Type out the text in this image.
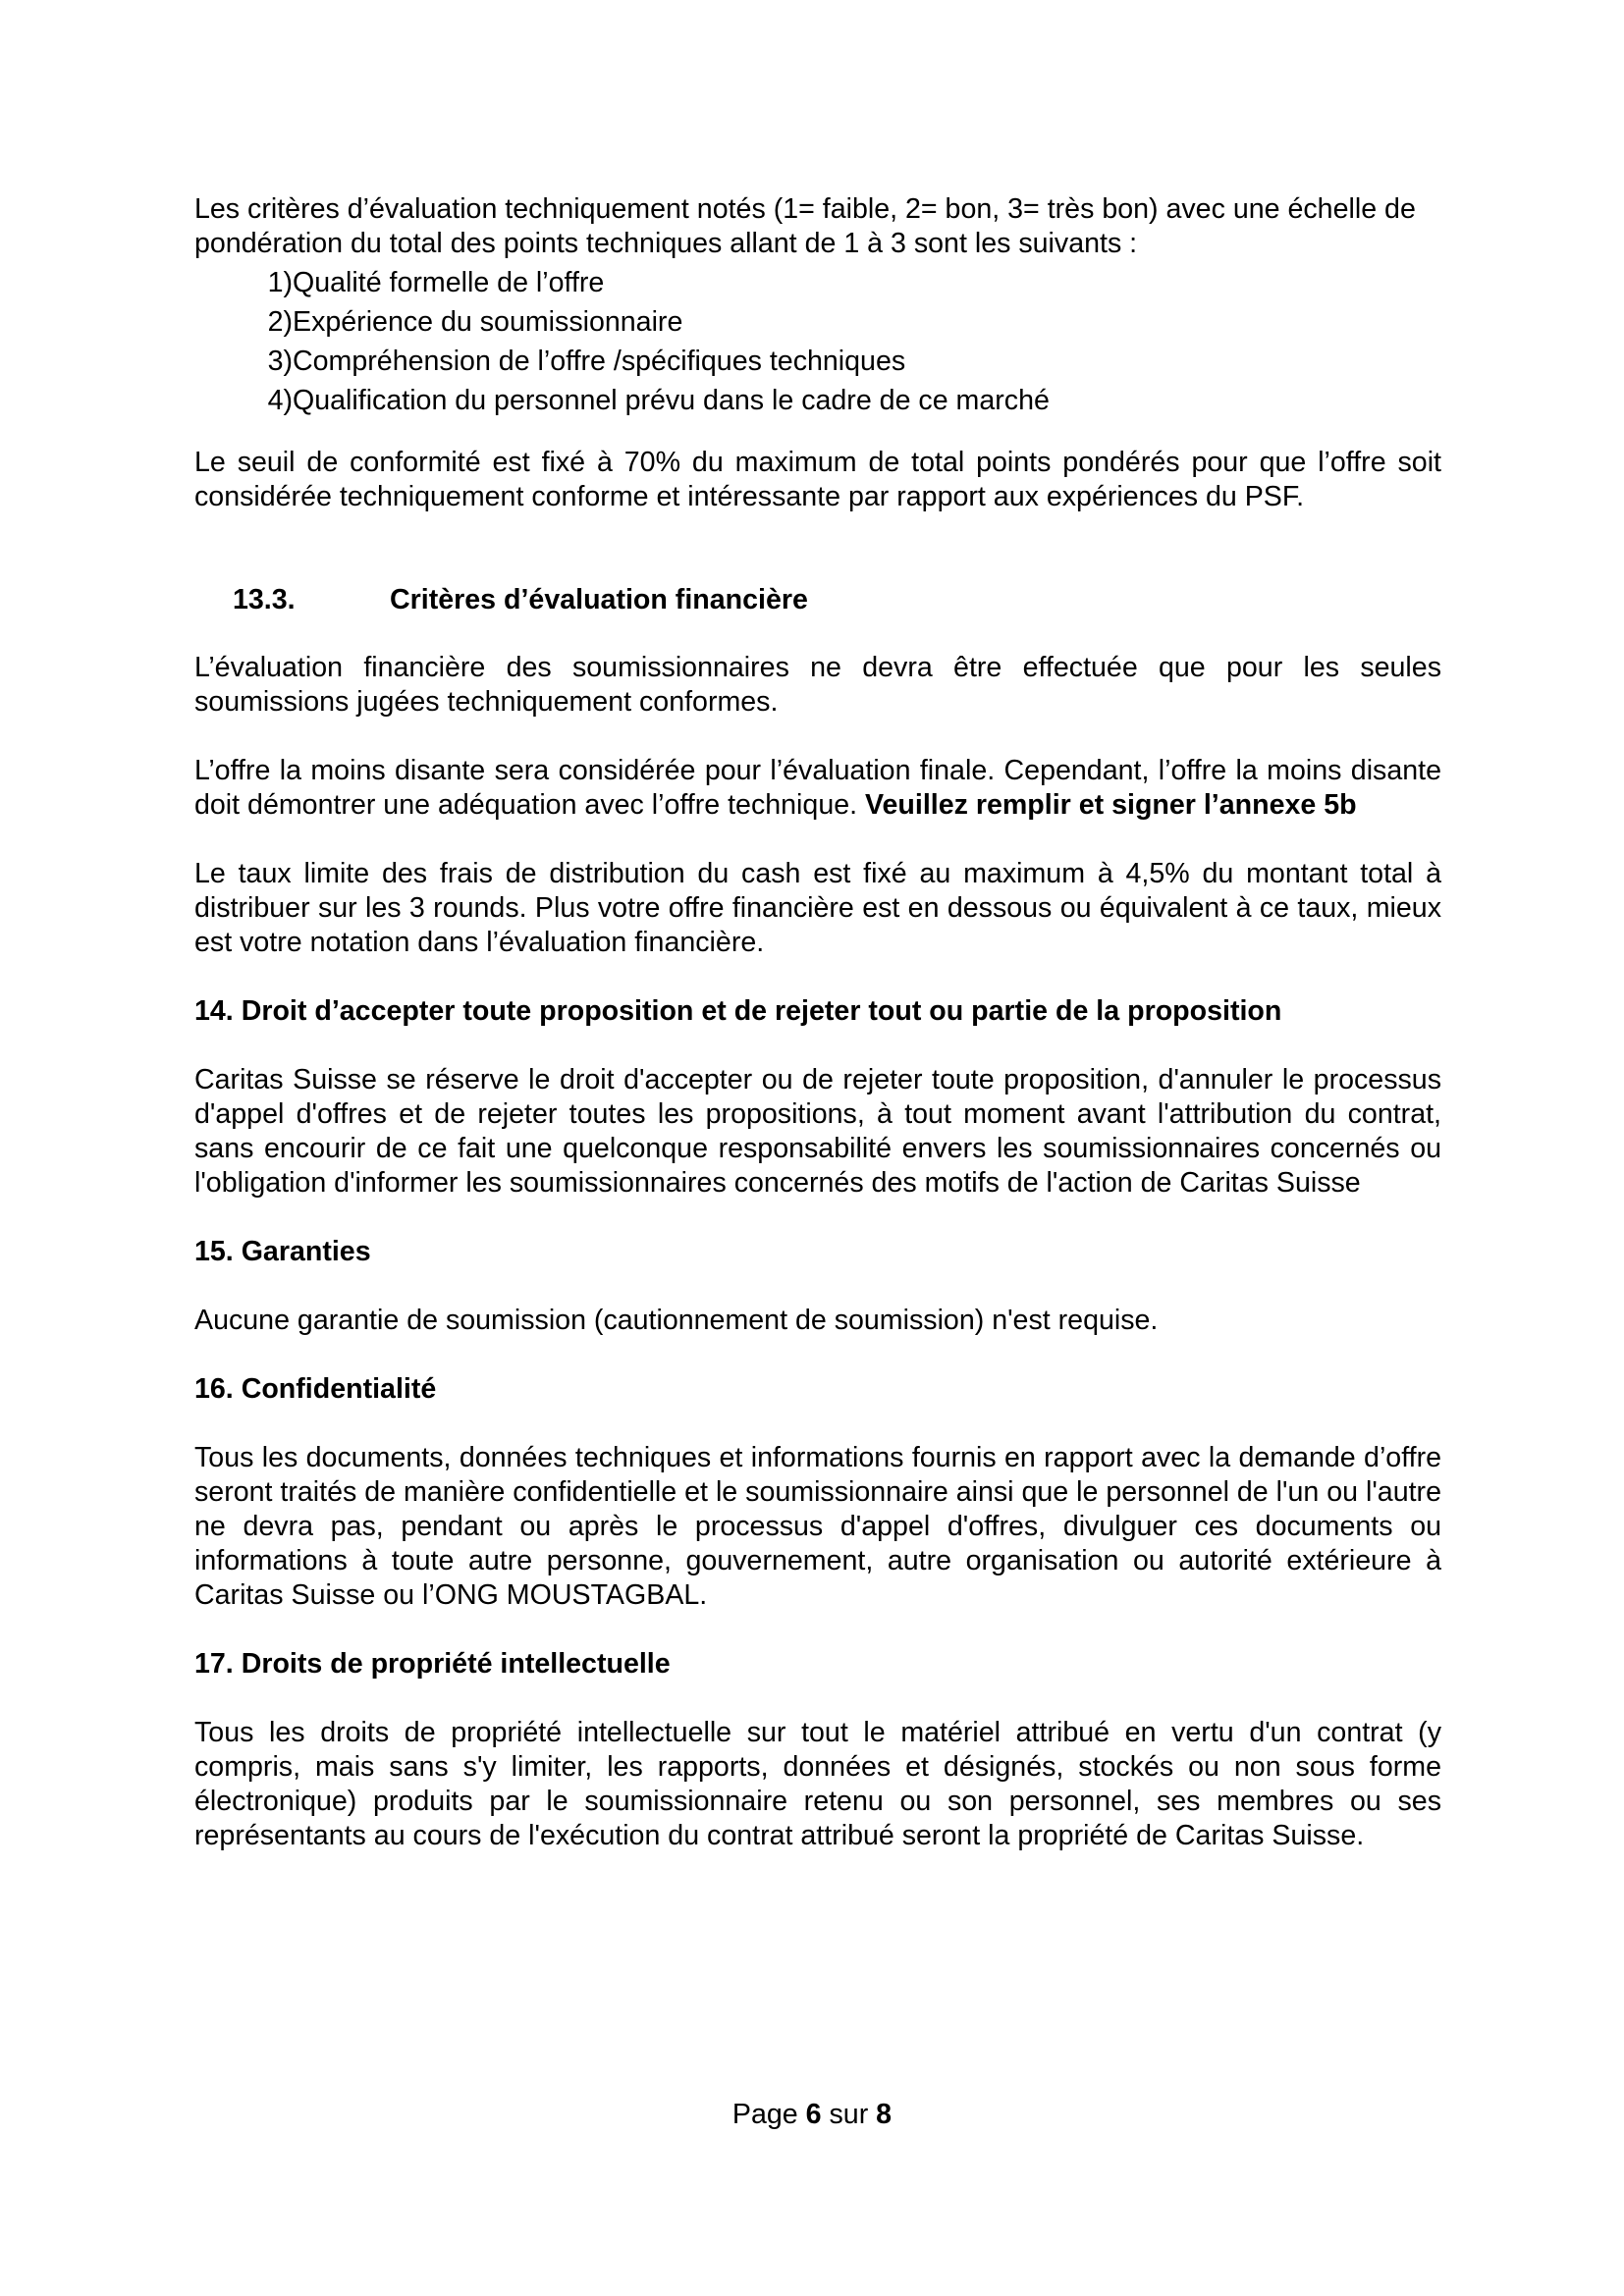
Les critères d’évaluation techniquement notés (1= faible, 2= bon, 3= très bon) avec une échelle de pondération du total des points techniques allant de 1 à 3 sont les suivants :

1) Qualité formelle de l’offre
2) Expérience du soumissionnaire
3) Compréhension de l’offre /spécifiques techniques
4) Qualification du personnel prévu dans le cadre de ce marché

Le seuil de conformité est fixé à 70% du maximum de total points pondérés pour que l’offre soit considérée techniquement conforme et intéressante par rapport aux expériences du PSF.

13.3.	Critères d’évaluation financière

L’évaluation financière des soumissionnaires ne devra être effectuée que pour les seules soumissions jugées techniquement conformes.

L’offre la moins disante sera considérée pour l’évaluation finale. Cependant, l’offre la moins disante doit démontrer une adéquation avec l’offre technique. Veuillez remplir et signer l’annexe 5b

Le taux limite des frais de distribution du cash est fixé au maximum à 4,5% du montant total à distribuer sur les 3 rounds. Plus votre offre financière est en dessous ou équivalent à ce taux, mieux est votre notation dans l’évaluation financière.

14. Droit d’accepter toute proposition et de rejeter tout ou partie de la proposition

Caritas Suisse se réserve le droit d'accepter ou de rejeter toute proposition, d'annuler le processus d'appel d'offres et de rejeter toutes les propositions, à tout moment avant l'attribution du contrat, sans encourir de ce fait une quelconque responsabilité envers les soumissionnaires concernés ou l'obligation d'informer les soumissionnaires concernés des motifs de l'action de Caritas Suisse

15. Garanties

Aucune garantie de soumission (cautionnement de soumission) n'est requise.

16. Confidentialité

Tous les documents, données techniques et informations fournis en rapport avec la demande d’offre seront traités de manière confidentielle et le soumissionnaire ainsi que le personnel de l'un ou l'autre ne devra pas, pendant ou après le processus d'appel d'offres, divulguer ces documents ou informations à toute autre personne, gouvernement, autre organisation ou autorité extérieure à Caritas Suisse ou l’ONG MOUSTAGBAL.

17. Droits de propriété intellectuelle

Tous les droits de propriété intellectuelle sur tout le matériel attribué en vertu d'un contrat (y compris, mais sans s'y limiter, les rapports, données et désignés, stockés ou non sous forme électronique) produits par le soumissionnaire retenu ou son personnel, ses membres ou ses représentants au cours de l'exécution du contrat attribué seront la propriété de Caritas Suisse.

Page 6 sur 8
